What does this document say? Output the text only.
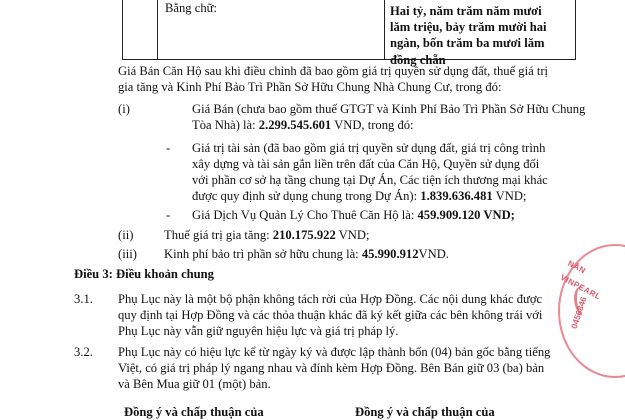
Bằng chữ:	Hai tỷ, năm trăm năm mươi
lăm triệu, bảy trăm mười hai
ngàn, bốn trăm ba mươi lăm
đồng chẵn

Giá Bán Căn Hộ sau khi điều chỉnh đã bao gồm giá trị quyền sử dụng đất, thuế giá trị

gia tăng và Kinh Phí Bảo Trì Phần Sở Hữu Chung Nhà Chung Cư, trong đó:

(i)	Giá Bán (chưa bao gồm thuế GTGT và Kinh Phí Bảo Trì Phần Sở Hữu Chung

Tòa Nhà) là: 2.299.545.601 VND, trong đó:

- Giá trị tài sản (đã bao gồm giá trị quyền sử dụng đất, giá trị công trình

xây dựng và tài sản gắn liền trên đất của Căn Hộ, Quyền sử dụng đối

với phần cơ sở hạ tầng chung tại Dự Án, Các tiện ích thương mại khác

được quy định sử dụng chung trong Dự Án): 1.839.636.481 VND;

- Giá Dịch Vụ Quản Lý Cho Thuê Căn Hộ là: 459.909.120 VND;

(ii) Thuế giá trị gia tăng: 210.175.922 VND;

(iii) Kinh phí bảo trì phần sở hữu chung là: 45.990.912VND.

Điều 3: Điều khoản chung

3.1. Phụ Lục này là một bộ phận không tách rời của Hợp Đồng. Các nội dung khác được

quy định tại Hợp Đồng và các thỏa thuận khác đã ký kết giữa các bên không trái với

Phụ Lục này vẫn giữ nguyên hiệu lực và giá trị pháp lý.

3.2. Phụ Lục này có hiệu lực kể từ ngày ký và được lập thành bốn (04) bản gốc bằng tiếng

Việt, có giá trị pháp lý ngang nhau và đính kèm Hợp Đồng. Bên Bán giữ 03 (ba) bản

và Bên Mua giữ 01 (một) bản.

Đồng ý và chấp thuận của	Đồng ý và chấp thuận của

NẮN VINPEARL
0456846
